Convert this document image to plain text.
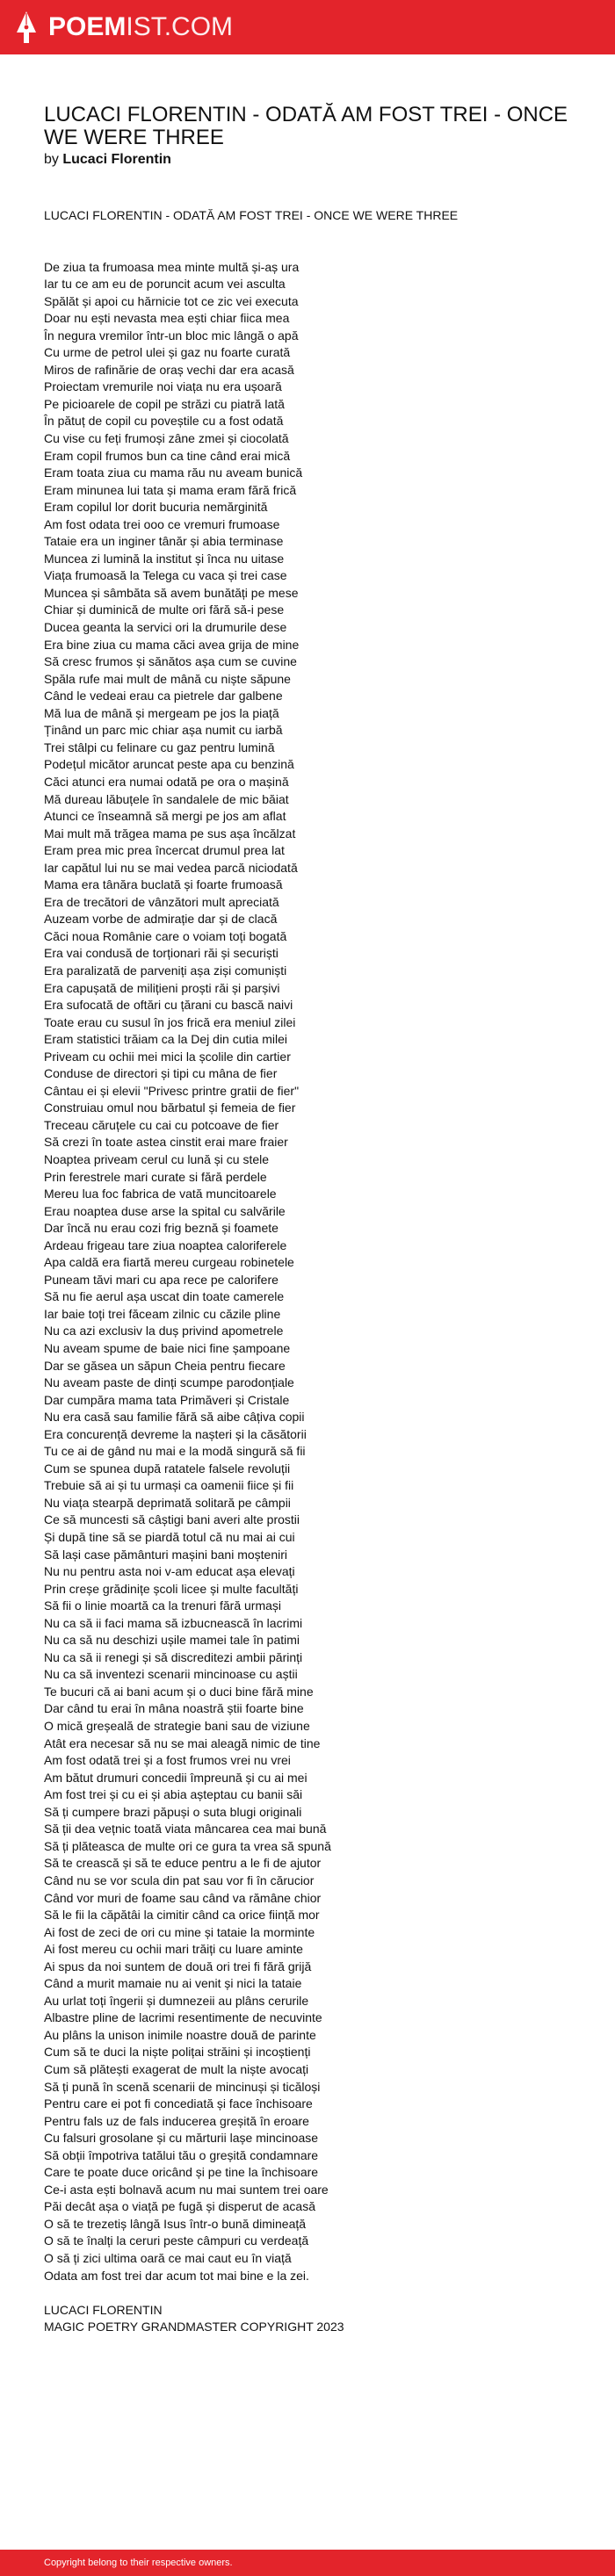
POEMIST.COM
LUCACI FLORENTIN - ODATĂ AM FOST TREI - ONCE WE WERE THREE
by Lucaci Florentin
LUCACI FLORENTIN - ODATĂ AM FOST TREI - ONCE WE WERE THREE
De ziua ta frumoasa mea minte multă și-aș ura
Iar tu ce am eu de poruncit acum vei asculta
Spălăt și apoi cu hărnicie tot ce zic vei executa
Doar nu ești nevasta mea ești chiar fiica mea
În negura vremilor într-un bloc mic lângă o apă
Cu urme de petrol ulei și gaz nu foarte curată
Miros de rafinărie de oraș vechi dar era acasă
Proiectam vremurile noi viața nu era ușoară
Pe picioarele de copil pe străzi cu piatră lată
În pătuț de copil cu poveștile cu a fost odată
Cu vise cu feți frumoși zâne zmei și ciocolată
Eram copil frumos bun ca tine când erai mică
Eram toata ziua cu mama rău nu aveam bunică
Eram minunea lui tata și mama eram fără frică
Eram copilul lor dorit bucuria nemărginită
Am fost odata trei ooo ce vremuri frumoase
Tataie era un inginer tânăr și abia terminase
Muncea zi lumină la institut și înca nu uitase
Viața frumoasă la Telega cu vaca și trei case
Muncea și sâmbăta să avem bunătăți pe mese
Chiar și duminică de multe ori fără să-i pese
Ducea geanta la servici ori la drumurile dese
Era bine ziua cu mama căci avea grija de mine
Să cresc frumos și sănătos așa cum se cuvine
Spăla rufe mai mult de mână cu niște săpune
Când le vedeai erau ca pietrele dar galbene
Mă lua de mână și mergeam pe jos la piață
Ținând un parc mic chiar așa numit cu iarbă
Trei stâlpi cu felinare cu gaz pentru lumină
Podețul micător aruncat peste apa cu benzină
Căci atunci era numai odată pe ora o mașină
Mă dureau lăbuțele în sandalele de mic băiat
Atunci ce înseamnă să mergi pe jos am aflat
Mai mult mă trăgea mama pe sus așa încălzat
Eram prea mic prea încercat drumul prea lat
Iar capătul lui nu se mai vedea parcă niciodată
Mama era tânăra buclată și foarte frumoasă
Era de trecători de vânzători mult apreciată
Auzeam vorbe de admirație dar și de clacă
Căci noua Românie care o voiam toți bogată
Era vai condusă de torționari răi și securiști
Era paralizată de parveniți așa ziși comuniști
Era capușată de milițieni proști răi și parșivi
Era sufocată de oftări cu țărani cu bască naivi
Toate erau cu susul în jos frică era meniul zilei
Eram statistici trăiam ca la Dej din cutia milei
Priveam cu ochii mei mici la școlile din cartier
Conduse de directori și tipi cu mâna de fier
Cântau ei și elevii "Privesc printre gratii de fier"
Construiau omul nou bărbatul și femeia de fier
Treceau căruțele cu cai cu potcoave de fier
Să crezi în toate astea cinstit erai mare fraier
Noaptea priveam cerul cu lună și cu stele
Prin ferestrele mari curate si fără perdele
Mereu lua foc fabrica de vată muncitoarele
Erau noaptea duse arse la spital cu salvările
Dar încă nu erau cozi frig beznă și foamete
Ardeau frigeau tare ziua noaptea caloriferele
Apa caldă era fiartă mereu curgeau robinetele
Puneam tăvi mari cu apa rece pe calorifere
Să nu fie aerul așa uscat din toate camerele
Iar baie toți trei făceam zilnic cu căzile pline
Nu ca azi exclusiv la duș privind apometrele
Nu aveam spume de baie nici fine șampoane
Dar se găsea un săpun Cheia pentru fiecare
Nu aveam paste de dinți scumpe parodonțiale
Dar cumpăra mama tata Primăveri și Cristale
Nu era casă sau familie fără să aibe câțiva copii
Era concurență devreme la nașteri și la căsătorii
Tu ce ai de gând nu mai e la modă singură să fii
Cum se spunea după ratatele falsele revoluții
Trebuie să ai și tu urmași ca oamenii fiice și fii
Nu viața stearpă deprimată solitară pe câmpii
Ce să muncesti să câștigi bani averi alte prostii
Și după tine să se piardă totul că nu mai ai cui
Să lași case pământuri mașini bani moșteniri
Nu nu pentru asta noi v-am educat așa elevați
Prin creșe grădinițe școli licee și multe facultăți
Să fii o linie moartă ca la trenuri fără urmași
Nu ca să ii faci mama să izbucnească în lacrimi
Nu ca să nu deschizi ușile mamei tale în patimi
Nu ca să ii renegi și să discreditezi ambii părinți
Nu ca să inventezi scenarii mincinoase cu aștii
Te bucuri că ai bani acum și o duci bine fără mine
Dar când tu erai în mâna noastră știi foarte bine
O mică greșeală de strategie bani sau de viziune
Atât era necesar să nu se mai aleagă nimic de tine
Am fost odată trei și a fost frumos vrei nu vrei
Am bătut drumuri concedii împreună și cu ai mei
Am fost trei și cu ei și abia așteptau cu banii săi
Să ți cumpere brazi păpuși o suta blugi originali
Să ții dea vețnic toată viata mâncarea cea mai bună
Să ți plăteasca de multe ori ce gura ta vrea să spună
Să te crească și să te educe pentru a le fi de ajutor
Când nu se vor scula din pat sau vor fi în cărucior
Când vor muri de foame sau când va rămâne chior
Să le fii la căpătâi la cimitir când ca orice ființă mor
Ai fost de zeci de ori cu mine și tataie la morminte
Ai fost mereu cu ochii mari trăiți cu luare aminte
Ai spus da noi suntem de două ori trei fi fără grijă
Când a murit mamaie nu ai venit și nici la tataie
Au urlat toți îngerii și dumnezeii au plâns cerurile
Albastre pline de lacrimi resentimente de necuvinte
Au plâns la unison inimile noastre două de parinte
Cum să te duci la niște polițai străini și incoștienți
Cum să plătești exagerat de mult la niște avocați
Să ți pună în scenă scenarii de mincinuși și ticăloși
Pentru care ei pot fi concediată și face închisoare
Pentru fals uz de fals inducerea greșită în eroare
Cu falsuri grosolane și cu mărturii lașe mincinoase
Să obții împotriva tatălui tău o greșită condamnare
Care te poate duce oricând și pe tine la închisoare
Ce-i asta ești bolnavă acum nu mai suntem trei oare
Păi decât așa o viață pe fugă și disperut de acasă
O să te trezetiș lângă Isus într-o bună dimineață
O să te înalți la ceruri peste câmpuri cu verdeață
O să ți zici ultima oară ce mai caut eu în viață
Odata am fost trei dar acum tot mai bine e la zei.
LUCACI FLORENTIN
MAGIC POETRY GRANDMASTER COPYRIGHT 2023
Copyright belong to their respective owners.
